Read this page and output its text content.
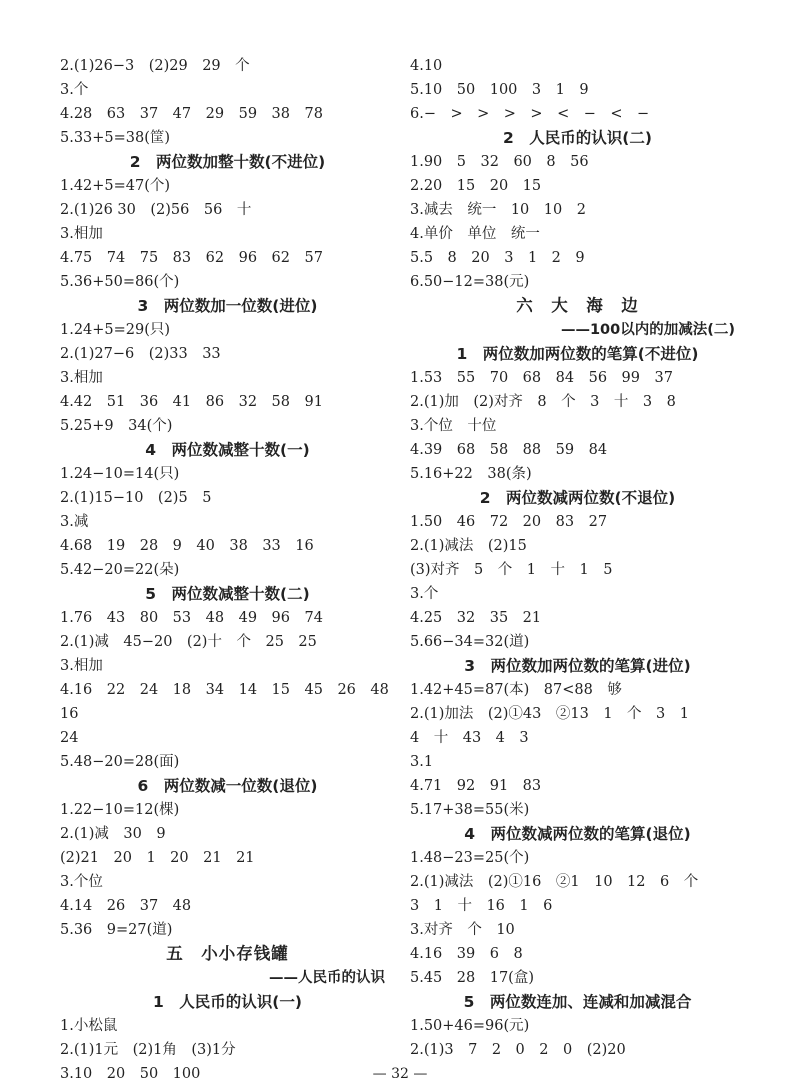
2.(1)26−3　(2)29　29　个
3.个
4.28　63　37　47　29　59　38　78
5.33+5=38(筐)
2　两位数加整十数(不进位)
1.42+5=47(个)
2.(1)26 30　(2)56　56　十
3.相加
4.75　74　75　83　62　96　62　57
5.36+50=86(个)
3　两位数加一位数(进位)
1.24+5=29(只)
2.(1)27−6　(2)33　33
3.相加
4.42　51　36　41　86　32　58　91
5.25+9　34(个)
4　两位数减整十数(一)
1.24−10=14(只)
2.(1)15−10　(2)5　5
3.减
4.68　19　28　9　40　38　33　16
5.42−20=22(朵)
5　两位数减整十数(二)
1.76　43　80　53　48　49　96　74
2.(1)减　45−20　(2)十　个　25　25
3.相加
4.16　22　24　18　34　14　15　45　26　48　16
24
5.48−20=28(面)
6　两位数减一位数(退位)
1.22−10=12(棵)
2.(1)减　30　9
(2)21　20　1　20　21　21
3.个位
4.14　26　37　48
5.36　9=27(道)
五　小小存钱罐
——人民币的认识
1　人民币的认识(一)
1.小松鼠
2.(1)1元　(2)1角　(3)1分
3.10　20　50　100
4.10
5.10　50　100　3　1　9
6.−　>　>　>　>　<　−　<　−
2　人民币的认识(二)
1.90　5　32　60　8　56
2.20　15　20　15
3.减去　统一　10　10　2
4.单价　单位　统一
5.5　8　20　3　1　2　9
6.50−12=38(元)
六　大　海　边
——100以内的加减法(二)
1　两位数加两位数的笔算(不进位)
1.53　55　70　68　84　56　99　37
2.(1)加　(2)对齐　8　个　3　十　3　8
3.个位　十位
4.39　68　58　88　59　84
5.16+22　38(条)
2　两位数减两位数(不退位)
1.50　46　72　20　83　27
2.(1)减法　(2)15
(3)对齐　5　个　1　十　1　5
3.个
4.25　32　35　21
5.66−34=32(道)
3　两位数加两位数的笔算(进位)
1.42+45=87(本)　87<88　够
2.(1)加法　(2)①43　②13　1　个　3　1
4　十　43　4　3
3.1
4.71　92　91　83
5.17+38=55(米)
4　两位数减两位数的笔算(退位)
1.48−23=25(个)
2.(1)减法　(2)①16　②1　10　12　6　个
3　1　十　16　1　6
3.对齐　个　10
4.16　39　6　8
5.45　28　17(盒)
5　两位数连加、连减和加减混合
1.50+46=96(元)
2.(1)3　7　2　0　2　0　(2)20
— 32 —
